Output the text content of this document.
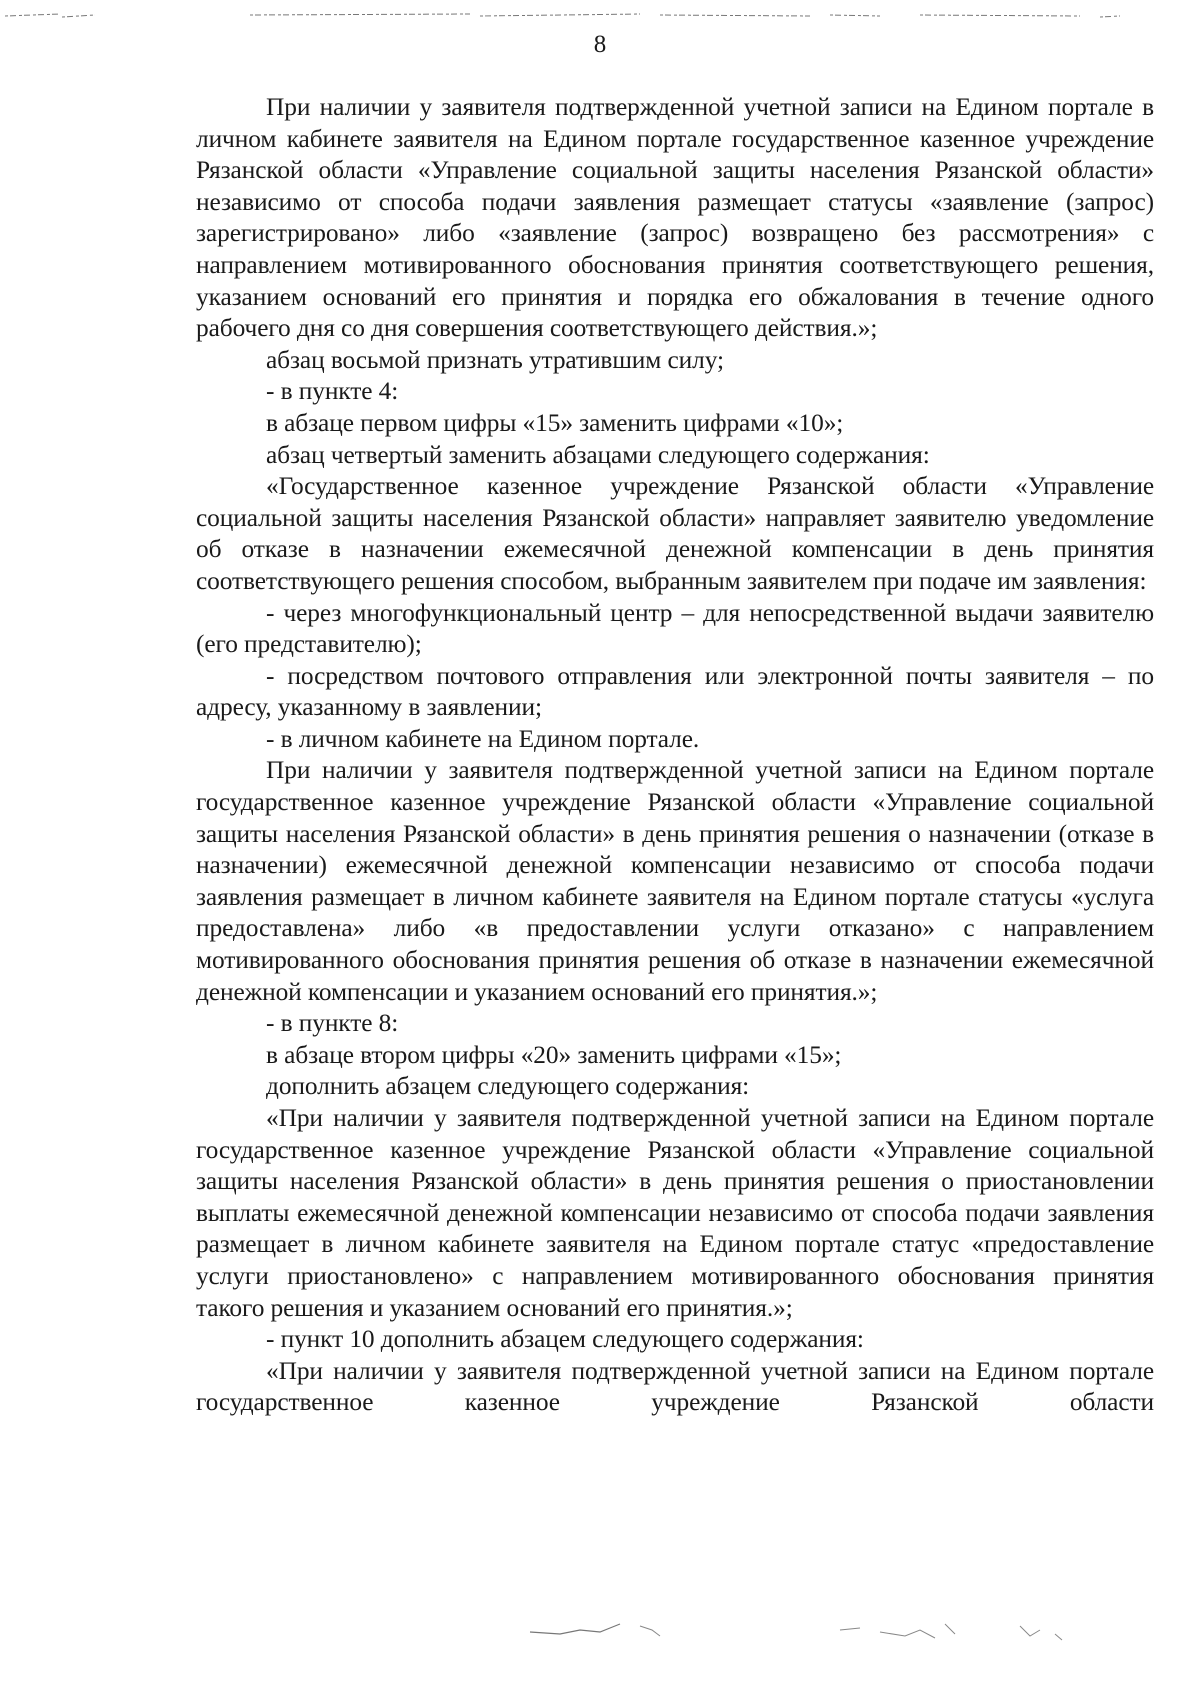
8

При наличии у заявителя подтвержденной учетной записи на Едином портале в личном кабинете заявителя на Едином портале государственное казенное учреждение Рязанской области «Управление социальной защиты населения Рязанской области» независимо от способа подачи заявления размещает статусы «заявление (запрос) зарегистрировано» либо «заявление (запрос) возвращено без рассмотрения» с направлением мотивированного обоснования принятия соответствующего решения, указанием оснований его принятия и порядка его обжалования в течение одного рабочего дня со дня совершения соответствующего действия.»;

абзац восьмой признать утратившим силу;

- в пункте 4:

в абзаце первом цифры «15» заменить цифрами «10»;

абзац четвертый заменить абзацами следующего содержания:

«Государственное казенное учреждение Рязанской области «Управление социальной защиты населения Рязанской области» направляет заявителю уведомление об отказе в назначении ежемесячной денежной компенсации в день принятия соответствующего решения способом, выбранным заявителем при подаче им заявления:

- через многофункциональный центр – для непосредственной выдачи заявителю (его представителю);

- посредством почтового отправления или электронной почты заявителя – по адресу, указанному в заявлении;

- в личном кабинете на Едином портале.

При наличии у заявителя подтвержденной учетной записи на Едином портале государственное казенное учреждение Рязанской области «Управление социальной защиты населения Рязанской области» в день принятия решения о назначении (отказе в назначении) ежемесячной денежной компенсации независимо от способа подачи заявления размещает в личном кабинете заявителя на Едином портале статусы «услуга предоставлена» либо «в предоставлении услуги отказано» с направлением мотивированного обоснования принятия решения об отказе в назначении ежемесячной денежной компенсации и указанием оснований его принятия.»;

- в пункте 8:

в абзаце втором цифры «20» заменить цифрами «15»;

дополнить абзацем следующего содержания:

«При наличии у заявителя подтвержденной учетной записи на Едином портале государственное казенное учреждение Рязанской области «Управление социальной защиты населения Рязанской области» в день принятия решения о приостановлении выплаты ежемесячной денежной компенсации независимо от способа подачи заявления размещает в личном кабинете заявителя на Едином портале статус «предоставление услуги приостановлено» с направлением мотивированного обоснования принятия такого решения и указанием оснований его принятия.»;

- пункт 10 дополнить абзацем следующего содержания:

«При наличии у заявителя подтвержденной учетной записи на Едином портале государственное казенное учреждение Рязанской области
